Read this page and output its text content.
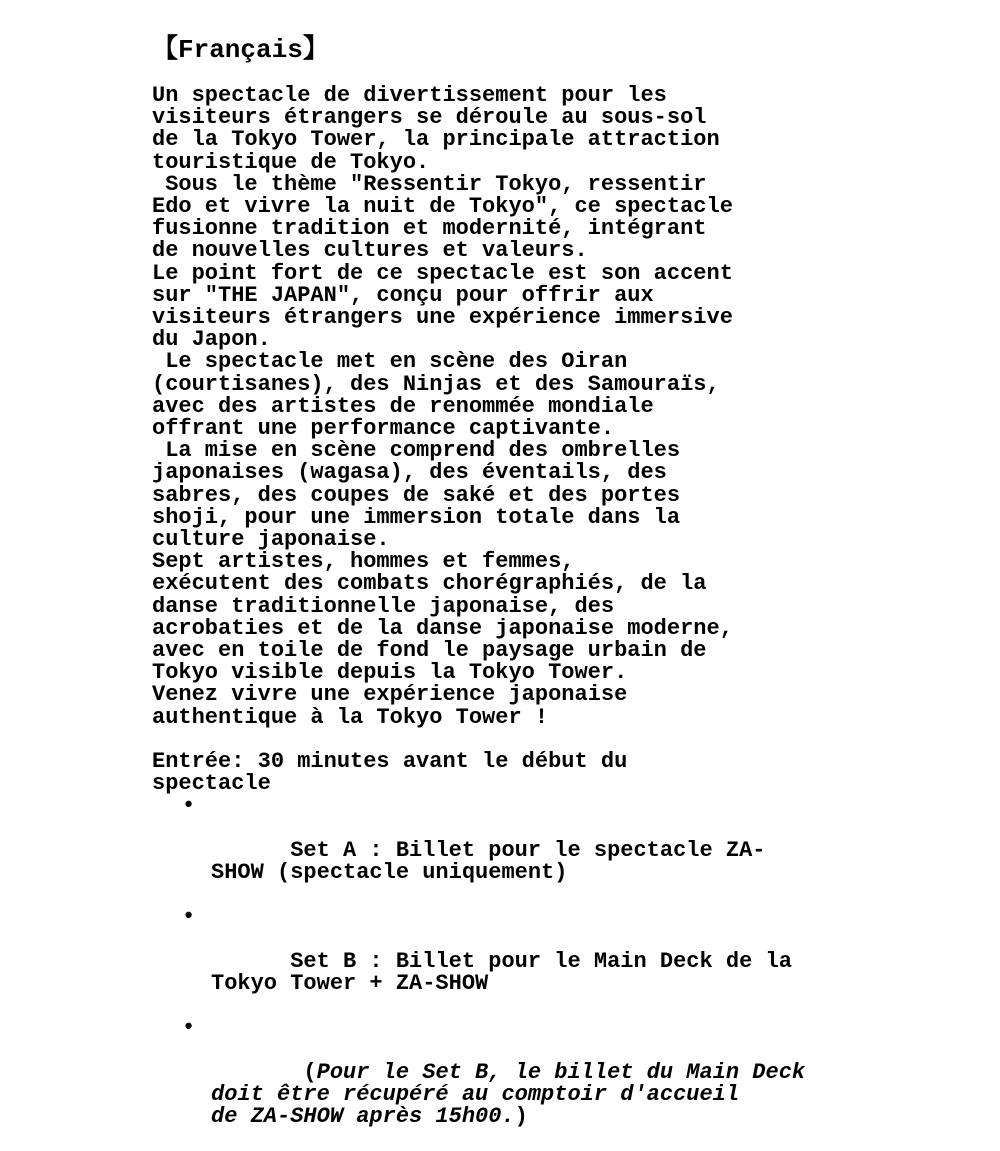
【Français】

Un spectacle de divertissement pour les
visiteurs étrangers se déroule au sous-sol
de la Tokyo Tower, la principale attraction
touristique de Tokyo.
Sous le thème "Ressentir Tokyo, ressentir
Edo et vivre la nuit de Tokyo", ce spectacle
fusionne tradition et modernité, intégrant
de nouvelles cultures et valeurs.
Le point fort de ce spectacle est son accent
sur "THE JAPAN", conçu pour offrir aux
visiteurs étrangers une expérience immersive
du Japon.
Le spectacle met en scène des Oiran
(courtisanes), des Ninjas et des Samouraïs,
avec des artistes de renommée mondiale
offrant une performance captivante.
La mise en scène comprend des ombrelles
japonaises (wagasa), des éventails, des
sabres, des coupes de saké et des portes
shoji, pour une immersion totale dans la
culture japonaise.
Sept artistes, hommes et femmes,
exécutent des combats chorégraphiés, de la
danse traditionnelle japonaise, des
acrobaties et de la danse japonaise moderne,
avec en toile de fond le paysage urbain de
Tokyo visible depuis la Tokyo Tower.
Venez vivre une expérience japonaise
authentique à la Tokyo Tower !

Entrée: 30 minutes avant le début du
spectacle

•

Set A : Billet pour le spectacle ZA-
SHOW (spectacle uniquement)

•

Set B : Billet pour le Main Deck de la
Tokyo Tower + ZA-SHOW

•

(Pour le Set B, le billet du Main Deck
doit être récupéré au comptoir d'accueil
de ZA-SHOW après 15h00.)
